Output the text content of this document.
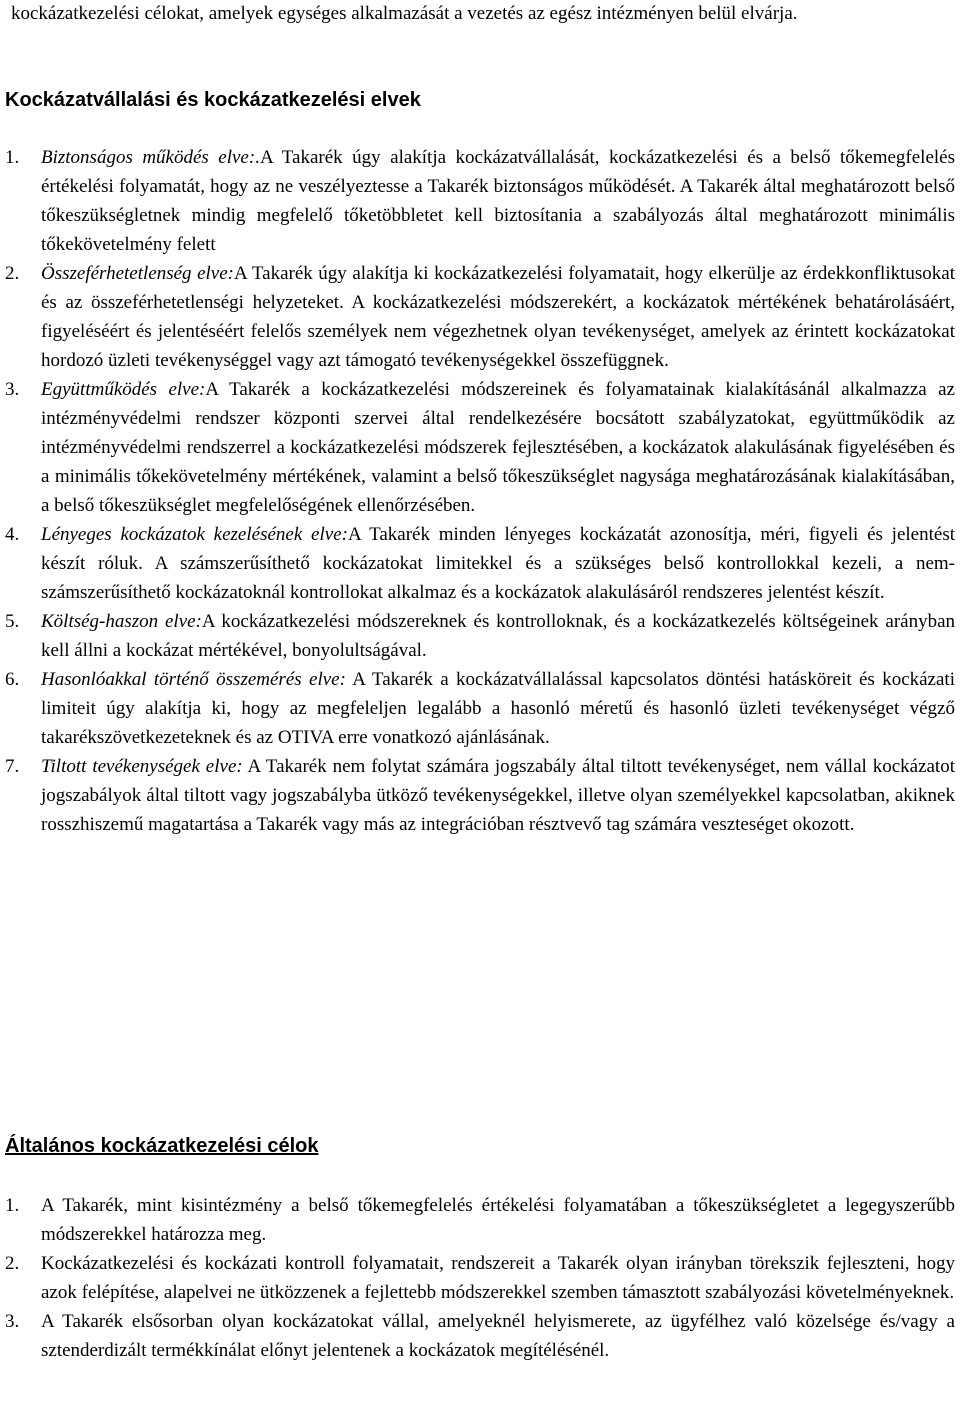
kockázatkezelési célokat, amelyek egységes alkalmazását a vezetés az egész intézményen belül elvárja.

Kockázatvállalási és kockázatkezelési elvek
1. Biztonságos működés elve:.A Takarék úgy alakítja kockázatvállalását, kockázatkezelési és a belső tőkemegfelelés értékelési folyamatát, hogy az ne veszélyeztesse a Takarék biztonságos működését. A Takarék által meghatározott belső tőkeszükségletnek mindig megfelelő tőketöbbletet kell biztosítania a szabályozás által meghatározott minimális tőkekövetelmény felett
2. Összeférhetetlenség elve:A Takarék úgy alakítja ki kockázatkezelési folyamatait, hogy elkerülje az érdekkonfliktusokat és az összeférhetetlenségi helyzeteket. A kockázatkezelési módszerekért, a kockázatok mértékének behatárolásáért, figyeléséért és jelentéséért felelős személyek nem végezhetnek olyan tevékenységet, amelyek az érintett kockázatokat hordozó üzleti tevékenységgel vagy azt támogató tevékenységekkel összefüggnek.
3. Együttműködés elve:A Takarék a kockázatkezelési módszereinek és folyamatainak kialakításánál alkalmazza az intézményvédelmi rendszer központi szervei által rendelkezésére bocsátott szabályzatokat, együttműködik az intézményvédelmi rendszerrel a kockázatkezelési módszerek fejlesztésében, a kockázatok alakulásának figyelésében és a minimális tőkekövetelmény mértékének, valamint a belső tőkeszükséglet nagysága meghatározásának kialakításában, a belső tőkeszükséglet megfelelőségének ellenőrzésében.
4. Lényeges kockázatok kezelésének elve:A Takarék minden lényeges kockázatát azonosítja, méri, figyeli és jelentést készít róluk. A számszerűsíthető kockázatokat limitekkel és a szükséges belső kontrollokkal kezeli, a nem-számszerűsíthető kockázatoknál kontrollokat alkalmaz és a kockázatok alakulásáról rendszeres jelentést készít.
5. Költség-haszon elve:A kockázatkezelési módszereknek és kontrolloknak, és a kockázatkezelés költségeinek arányban kell állni a kockázat mértékével, bonyolultságával.
6. Hasonlóakkal történő összemérés elve: A Takarék a kockázatvállalással kapcsolatos döntési hatásköreit és kockázati limiteit úgy alakítja ki, hogy az megfeleljen legalább a hasonló méretű és hasonló üzleti tevékenységet végző takarékszövetkezeteknek és az OTIVA erre vonatkozó ajánlásának.
7. Tiltott tevékenységek elve: A Takarék nem folytat számára jogszabály által tiltott tevékenységet, nem vállal kockázatot jogszabályok által tiltott vagy jogszabályba ütköző tevékenységekkel, illetve olyan személyekkel kapcsolatban, akiknek rosszhiszemű magatartása a Takarék vagy más az integrációban résztvevő tag számára veszteséget okozott.
Általános kockázatkezelési célok
1. A Takarék, mint kisintézmény a belső tőkemegfelelés értékelési folyamatában a tőkeszükségletet a legegyszerűbb módszerekkel határozza meg.
2. Kockázatkezelési és kockázati kontroll folyamatait, rendszereit a Takarék olyan irányban törekszik fejleszteni, hogy azok felépítése, alapelvei ne ütközzenek a fejlettebb módszerekkel szemben támasztott szabályozási követelményeknek.
3. A Takarék elsősorban olyan kockázatokat vállal, amelyeknél helyismerete, az ügyfélhez való közelsége és/vagy a sztenderdizált termékkínálat előnyt jelentenek a kockázatok megítélésénél.
